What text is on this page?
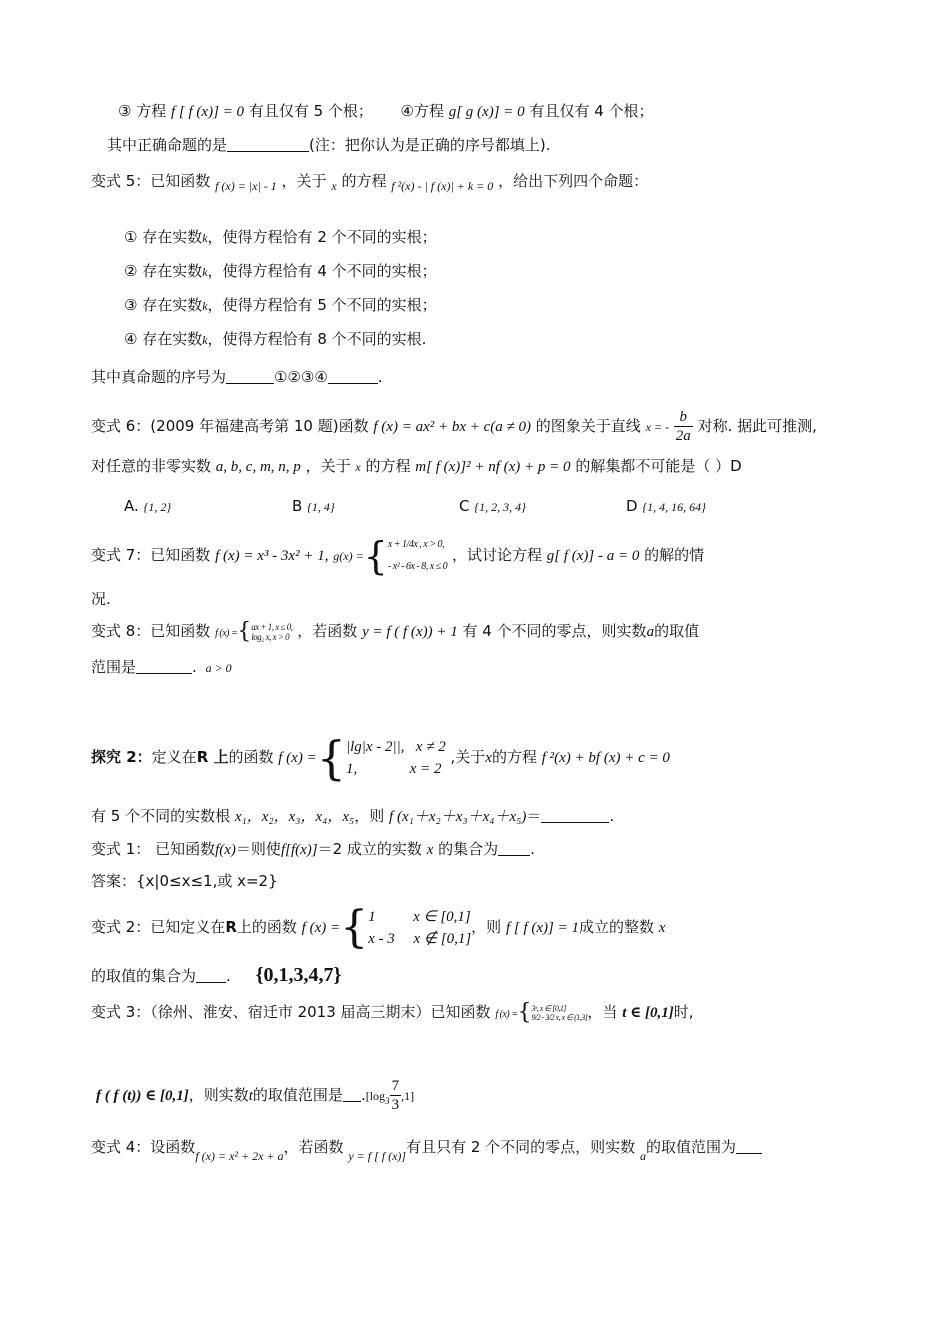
③ 方程 f [ f (x)] = 0 有且仅有 5 个根； ④方程 g[ g (x)] = 0 有且仅有 4 个根；
其中正确命题的是	(注：把你认为是正确的序号都填上).
变式 5：已知函数 $_{f (x) = |x| - 1}$ ，关于 $_x$ 的方程 $_{f ^2(x) - | f (x)| + k = 0}$ ，给出下列四个命题：
① 存在实数k，使得方程恰有 2 个不同的实根；
② 存在实数k，使得方程恰有 4 个不同的实根；
③ 存在实数k，使得方程恰有 5 个不同的实根；
④ 存在实数k，使得方程恰有 8 个不同的实根.
其中真命题的序号为	①②③④	.
变式 6：(2009 年福建高考第 10 题)函数 f (x) = ax² + bx + c(a ≠ 0) 的图象关于直线 x = - $\frac{b}{2a}$ 对称. 据此可推测,
对任意的非零实数 a, b, c, m, n, p ，关于 x 的方程 m[ f (x)]² + nf (x) + p = 0 的解集都不可能是（ ）D
A. {1, 2}	B {1, 4}	C {1, 2, 3, 4}	D {1, 4, 16, 64}
变式 7：已知函数 f (x) = x³ - 3x² + 1, g(x) ={ x + 1/4x , x > 0,
- x² - 6x - 8, x ≤ 0
，试讨论方程 g[ f (x)] - a = 0 的解的情
况.
变式 8：已知函数 f (x) ={ ax + 1, x ≤ 0,
log₂ x, x > 0 ，若函数 y = f ( f (x)) + 1 有 4 个不同的零点，则实数a的取值
范围是	. a > 0
探究 2：定义在R 上的函数 f (x) ={ |lg|x - 2||,   x ≠ 2
1,              x = 2
,关于x的方程 f ²(x) + bf (x) + c = 0
有 5 个不同的实数根 x₁，x₂，x₃，x₄，x₅，则 f (x₁＋x₂＋x₃＋x₄＋x₅)＝	.
变式 1： 已知函数f(x)＝则使f[f(x)]＝2 成立的实数 x 的集合为 .
答案：{x|0≤x≤1,或 x=2}
变式 2：已知定义在R上的函数 f (x) ={ 1          x ∈ [0,1]
x - 3     x ∉ [0,1]
，则 f [ f (x)] = 1成立的整数 x
的取值的集合为 . {0,1,3,4,7}
变式 3：（徐州、淮安、宿迁市 2013 届高三期末）已知函数 f (x) ={ 3ˣ, x ∈ [0,1]
9/2 - 3/2 x, x ∈ (1,3] ，当 t ∈ [0,1]时,
f ( f (t)) ∈ [0,1]，则实数t的取值范围是 $.[\log_3 \frac{7}{3} ,1]$
变式 4：设函数$_{f (x) = x^2 + 2x + a}$，若函数 $_{y = f [ f (x)]}$有且只有 2 个不同的零点，则实数 $_a$的取值范围为
